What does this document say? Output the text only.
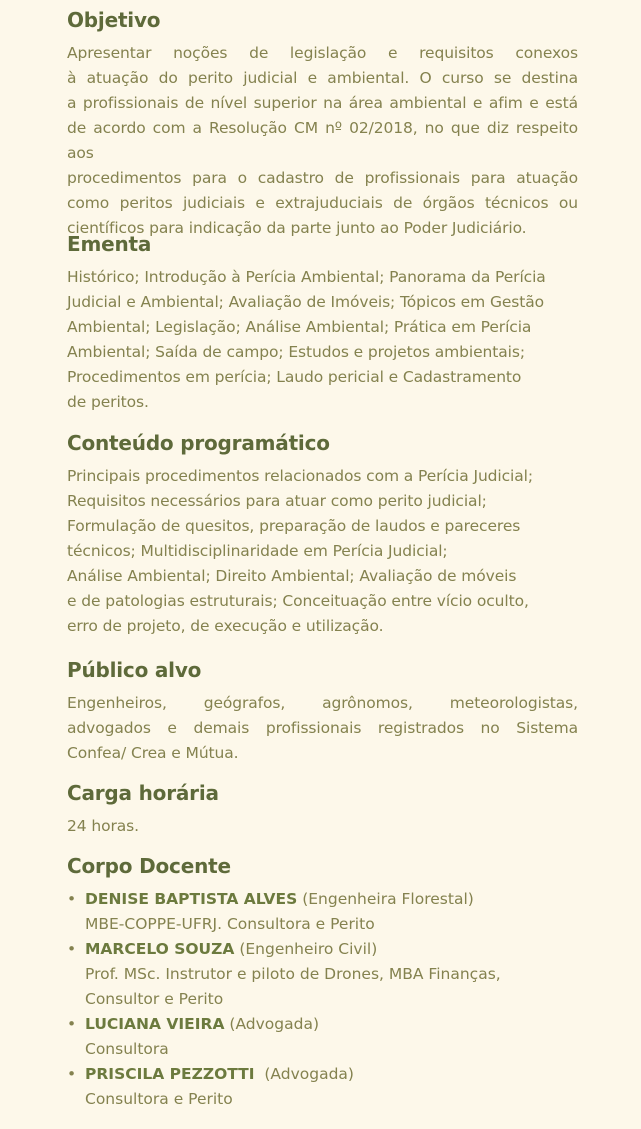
Objetivo
Apresentar noções de legislação e requisitos conexos
à atuação do perito judicial e ambiental. O curso se destina
a profissionais de nível superior na área ambiental e afim e está
de acordo com a Resolução CM nº 02/2018, no que diz respeito aos
procedimentos para o cadastro de profissionais para atuação
como peritos judiciais e extrajuduciais de órgãos técnicos ou
científicos para indicação da parte junto ao Poder Judiciário.
Ementa
Histórico; Introdução à Perícia Ambiental; Panorama da Perícia
Judicial e Ambiental; Avaliação de Imóveis; Tópicos em Gestão
Ambiental; Legislação; Análise Ambiental; Prática em Perícia
Ambiental; Saída de campo; Estudos e projetos ambientais;
Procedimentos em perícia; Laudo pericial e Cadastramento
de peritos.
Conteúdo programático
Principais procedimentos relacionados com a Perícia Judicial;
Requisitos necessários para atuar como perito judicial;
Formulação de quesitos, preparação de laudos e pareceres
técnicos; Multidisciplinaridade em Perícia Judicial;
Análise Ambiental; Direito Ambiental; Avaliação de móveis
e de patologias estruturais; Conceituação entre vício oculto,
erro de projeto, de execução e utilização.
Público alvo
Engenheiros, geógrafos, agrônomos, meteorologistas,
advogados e demais profissionais registrados no Sistema
Confea/ Crea e Mútua.
Carga horária

24 horas.

Corpo Docente
• DENISE BAPTISTA ALVES (Engenheira Florestal)
MBE-COPPE-UFRJ. Consultora e Perito
• MARCELO SOUZA (Engenheiro Civil)
Prof. MSc. Instrutor e piloto de Drones, MBA Finanças,
Consultor e Perito
• LUCIANA VIEIRA (Advogada)
Consultora
• PRISCILA PEZZOTTI  (Advogada)
Consultora e Perito
